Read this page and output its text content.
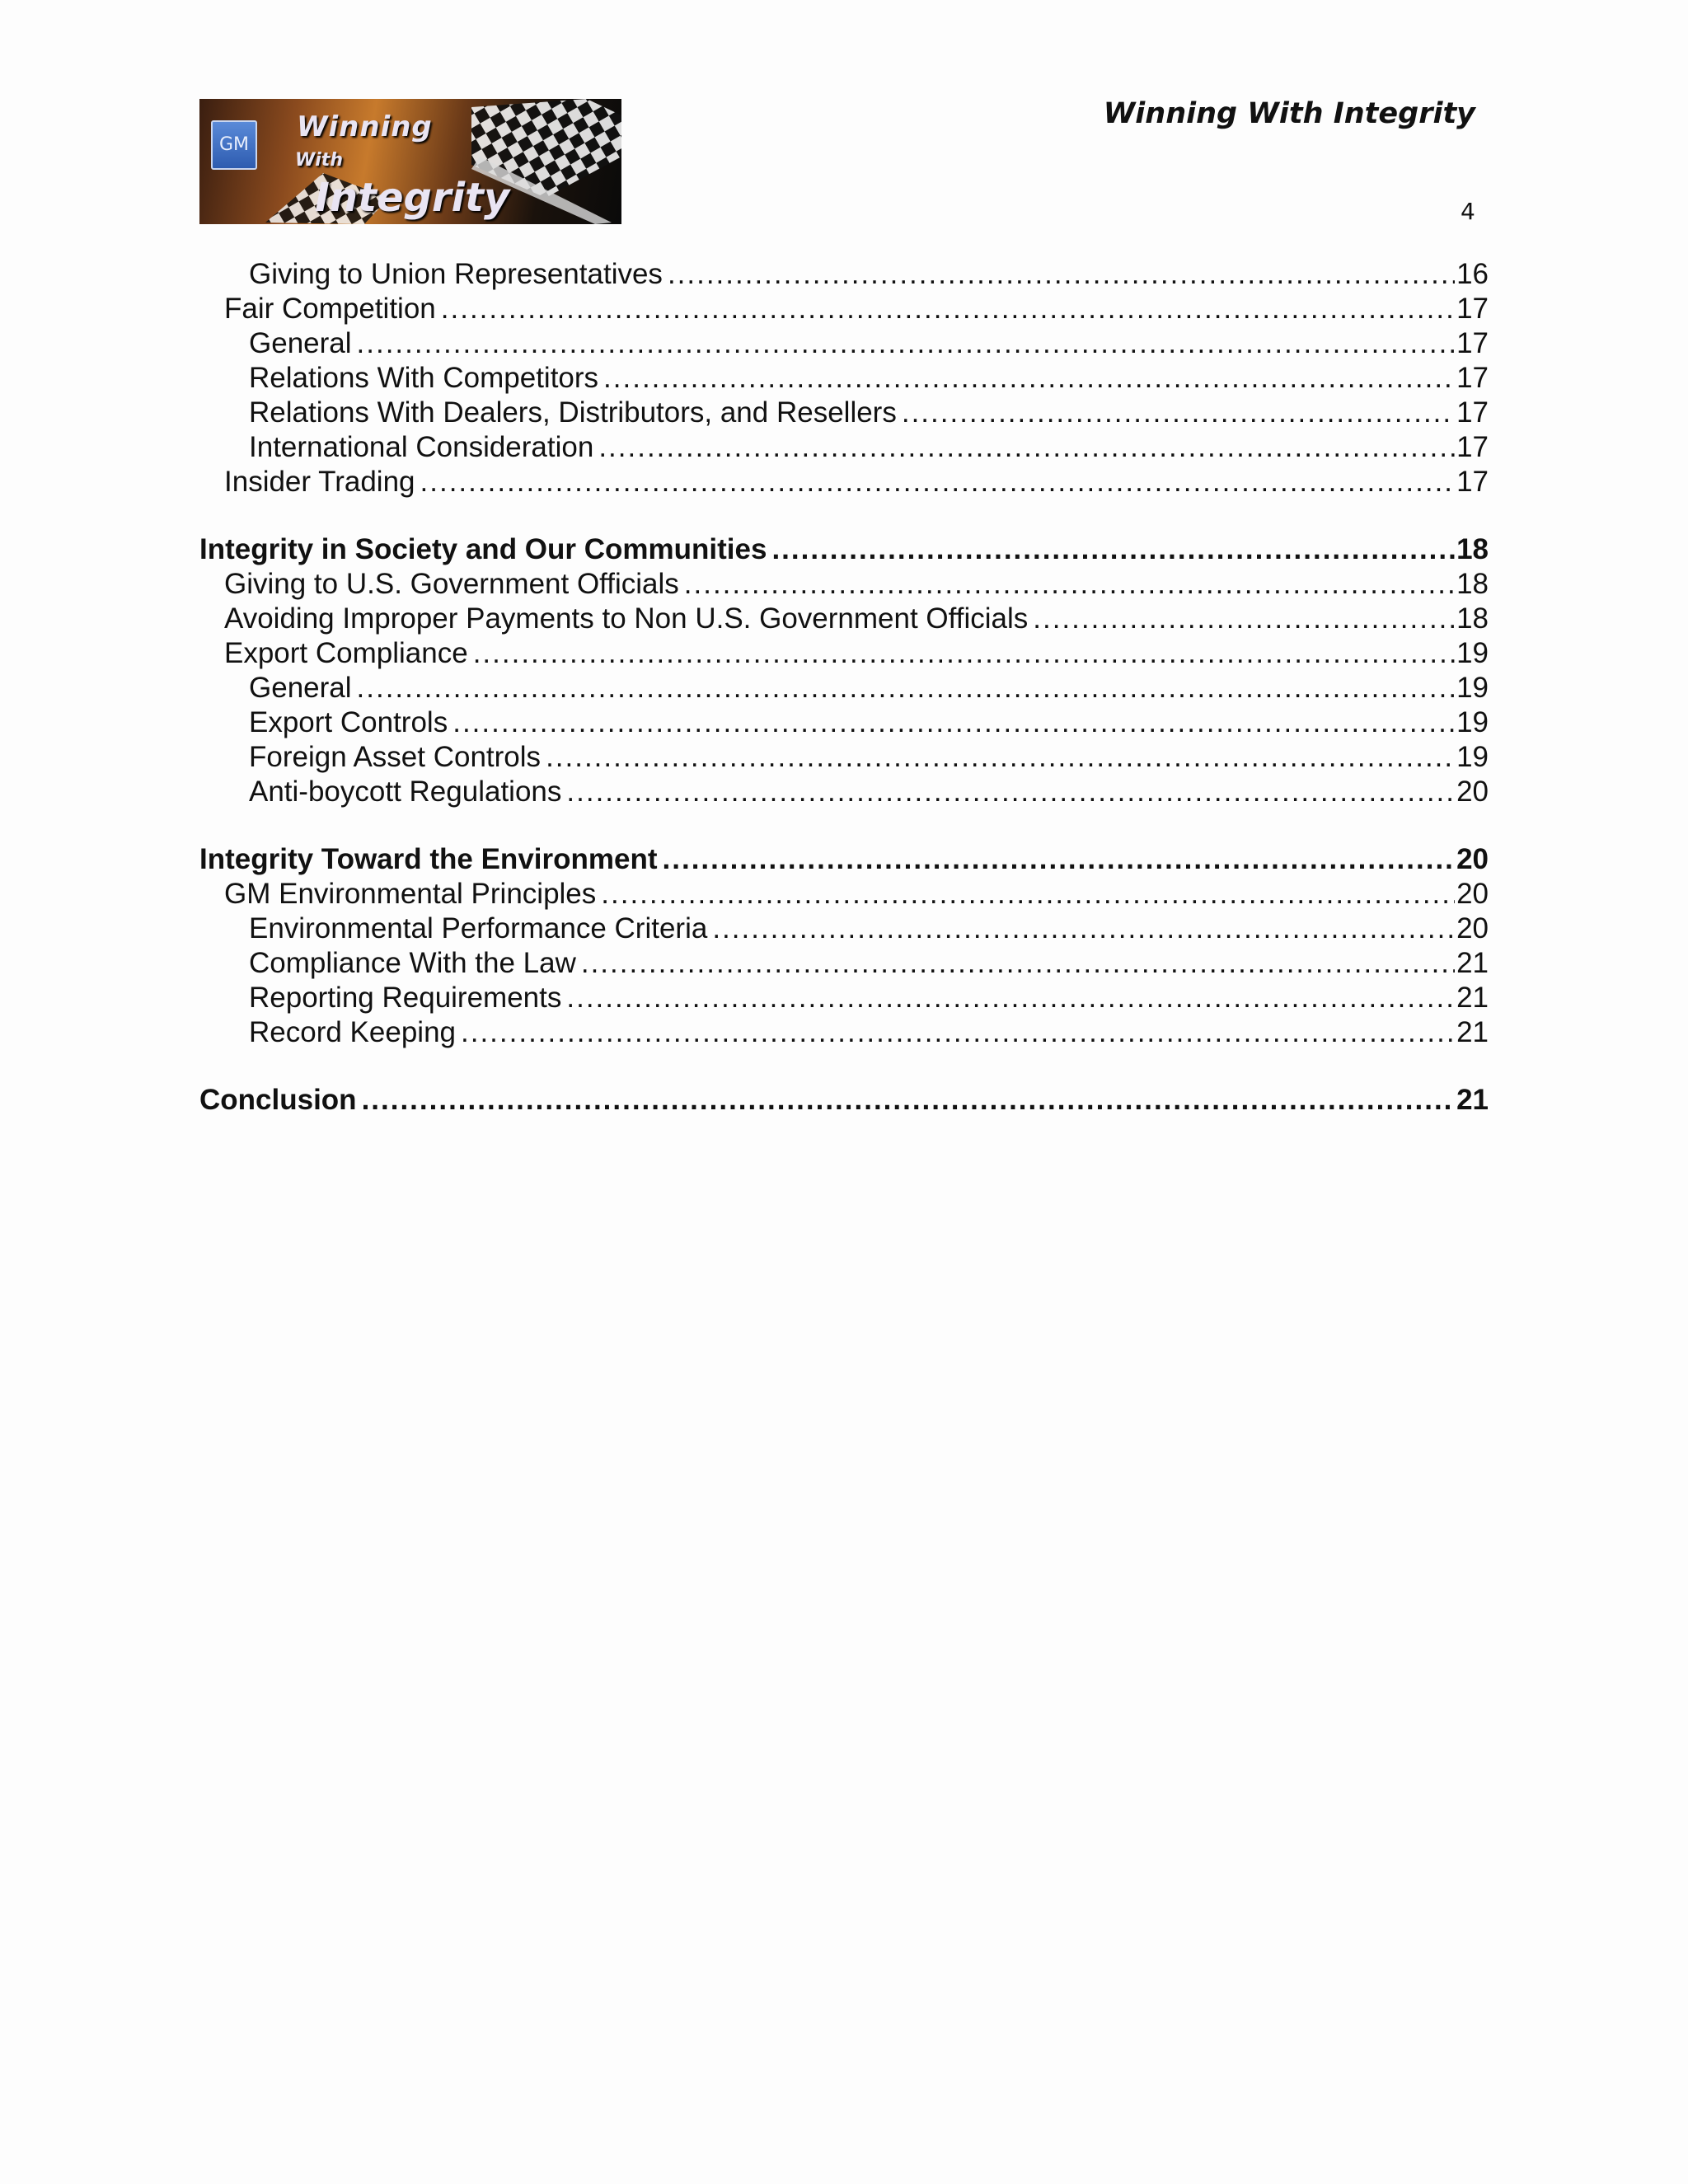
GM
Winning
With
Integrity
Winning With Integrity
4
Giving to Union Representatives .....	16
Fair Competition .....	17
General .....	17
Relations With Competitors .....	17
Relations With Dealers, Distributors, and Resellers .....	17
International Consideration .....	17
Insider Trading .....	17
Integrity in Society and Our Communities .....	18
Giving to U.S. Government Officials .....	18
Avoiding Improper Payments to Non U.S. Government Officials .....	18
Export Compliance .....	19
General .....	19
Export Controls .....	19
Foreign Asset Controls .....	19
Anti-boycott Regulations .....	20
Integrity Toward the Environment .....	20
GM Environmental Principles .....	20
Environmental Performance Criteria .....	20
Compliance With the Law .....	21
Reporting Requirements .....	21
Record Keeping .....	21
Conclusion .....	21
